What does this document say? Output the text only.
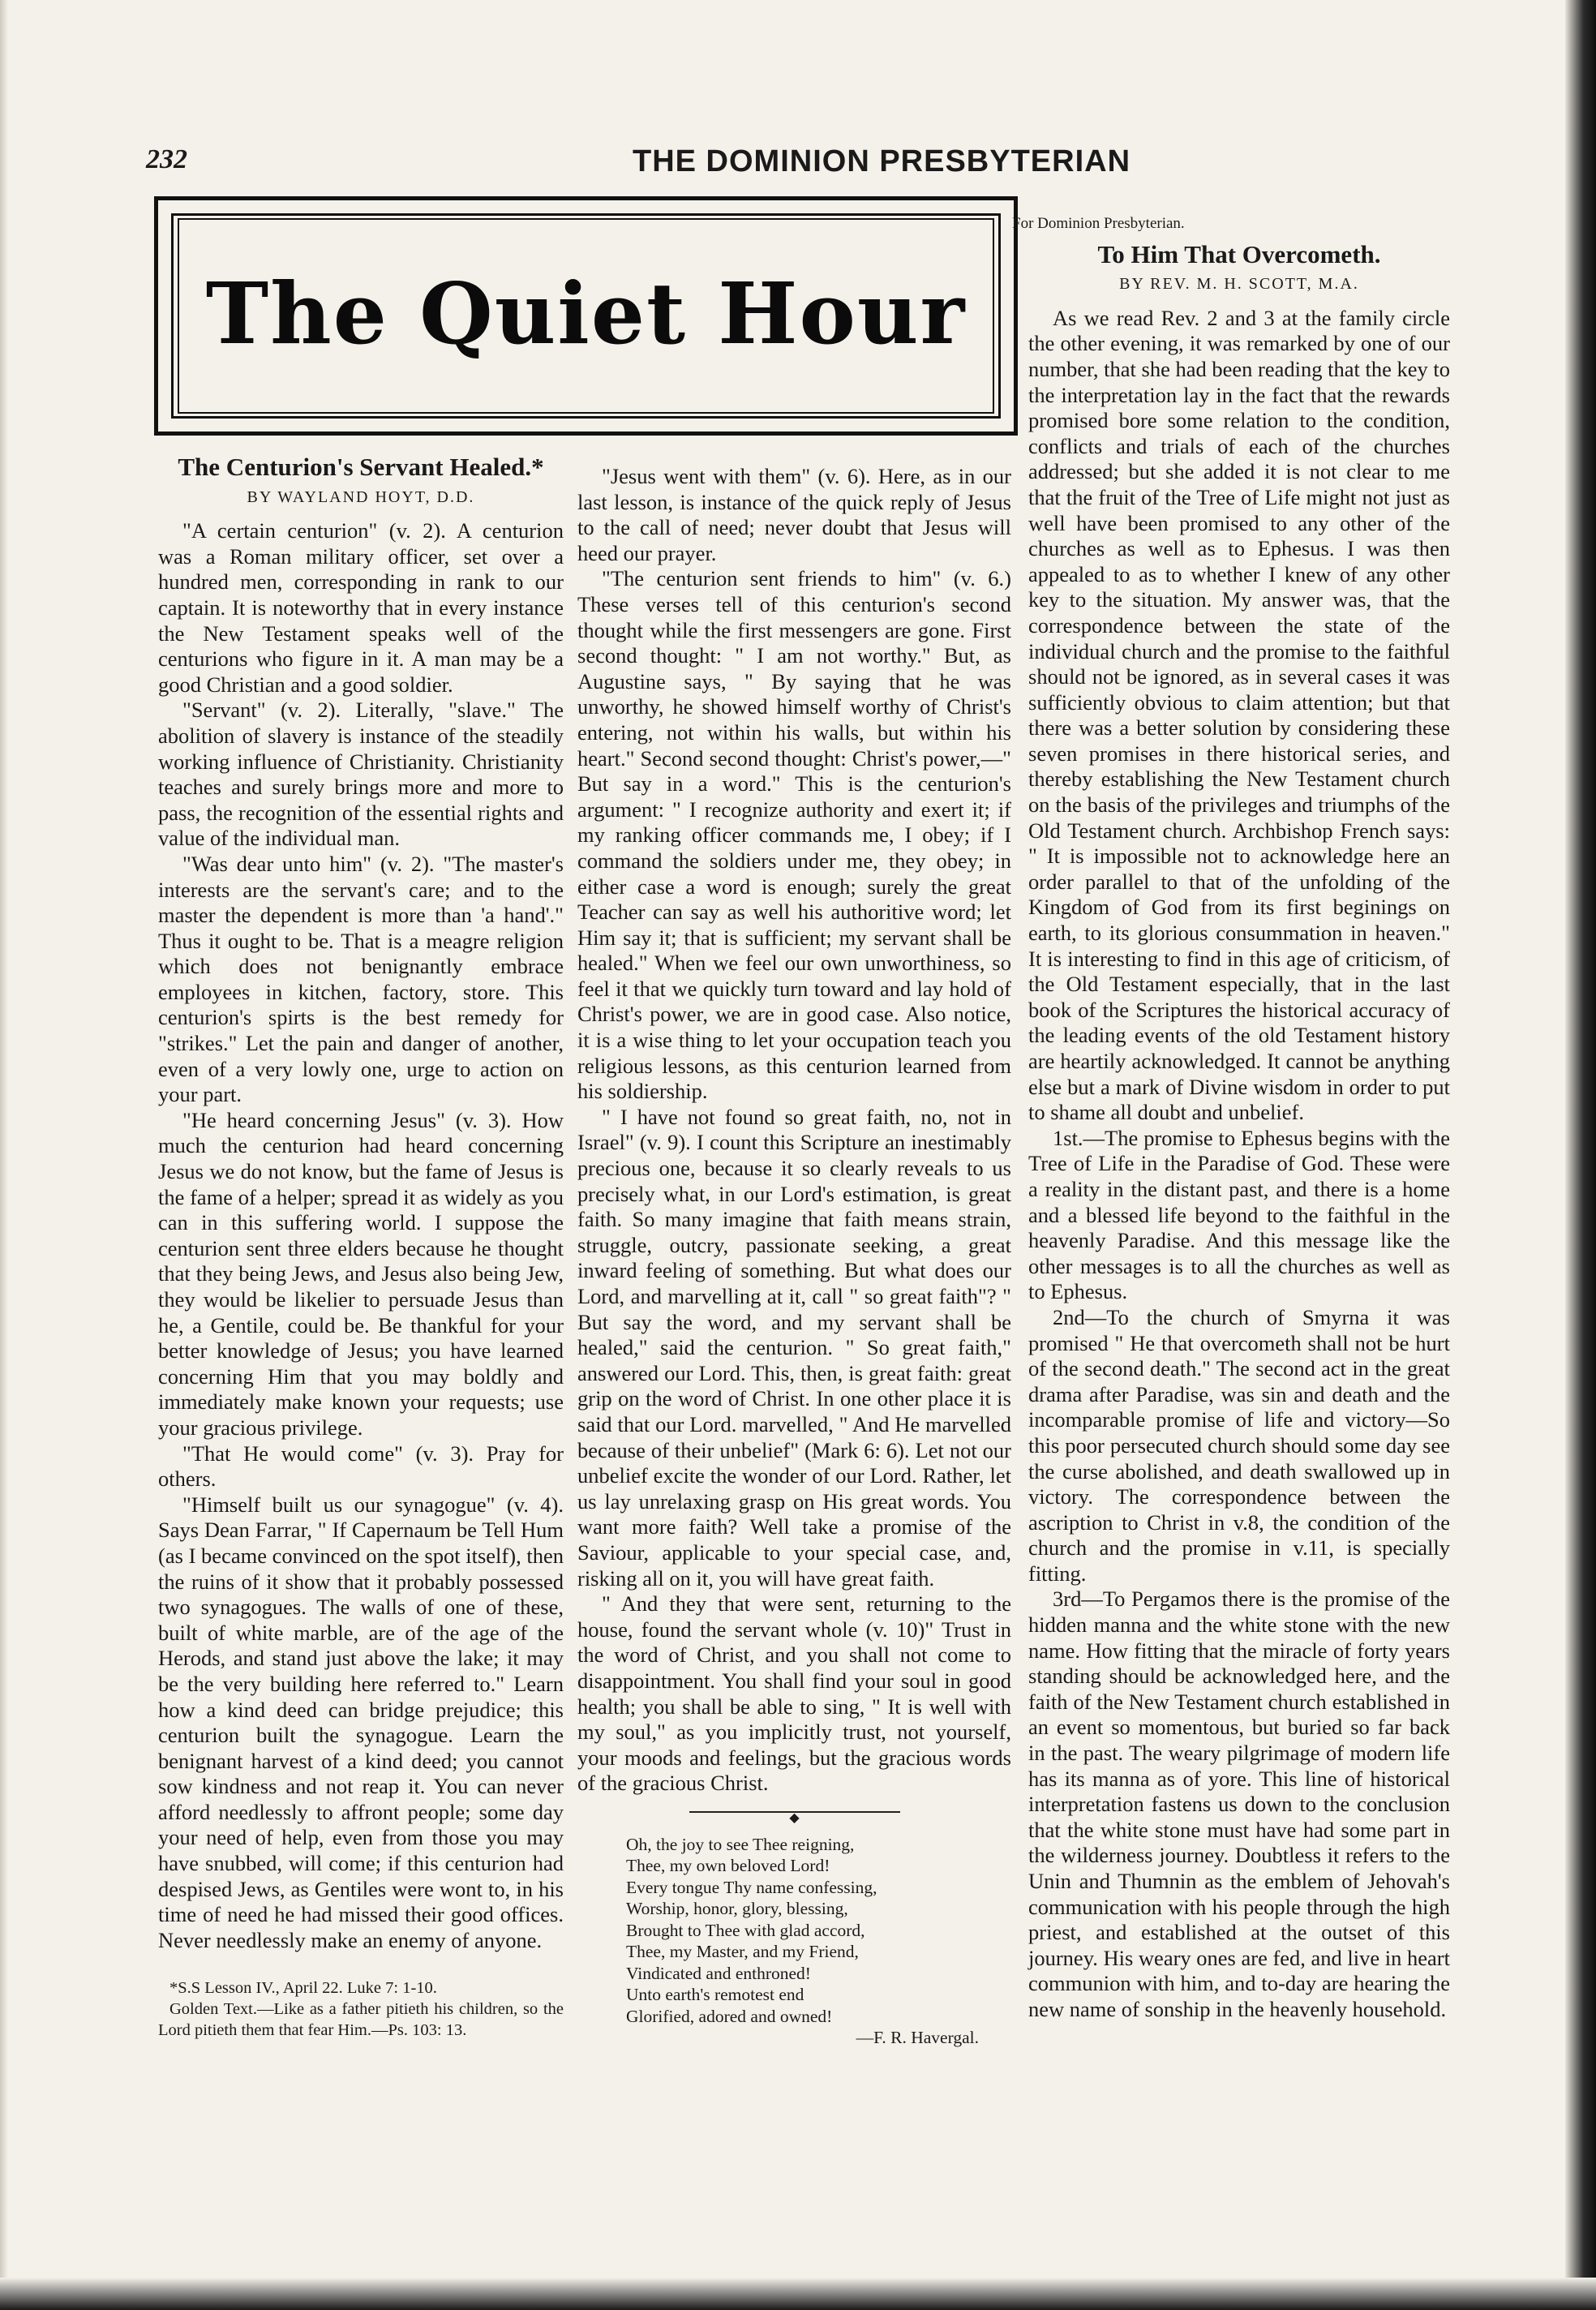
232	THE DOMINION PRESBYTERIAN
The Quiet Hour
The Centurion's Servant Healed.*
BY WAYLAND HOYT, D.D.

"A certain centurion" (v. 2). A centurion was a Roman military officer, set over a hundred men, corresponding in rank to our captain. It is noteworthy that in every instance the New Testament speaks well of the centurions who figure in it. A man may be a good Christian and a good soldier.

"Servant" (v. 2). Literally, "slave." The abolition of slavery is instance of the steadily working influence of Christianity. Christianity teaches and surely brings more and more to pass, the recognition of the essential rights and value of the individual man.

"Was dear unto him" (v. 2). "The master's interests are the servant's care; and to the master the dependent is more than 'a hand'." Thus it ought to be. That is a meagre religion which does not benignantly embrace employees in kitchen, factory, store. This centurion's spirts is the best remedy for "strikes." Let the pain and danger of another, even of a very lowly one, urge to action on your part.

"He heard concerning Jesus" (v. 3). How much the centurion had heard concerning Jesus we do not know, but the fame of Jesus is the fame of a helper; spread it as widely as you can in this suffering world. I suppose the centurion sent three elders because he thought that they being Jews, and Jesus also being Jew, they would be likelier to persuade Jesus than he, a Gentile, could be. Be thankful for your better knowledge of Jesus; you have learned concerning Him that you may boldly and immediately make known your requests; use your gracious privilege.

"That He would come" (v. 3). Pray for others.

"Himself built us our synagogue" (v. 4). Says Dean Farrar, " If Capernaum be Tell Hum (as I became convinced on the spot itself), then the ruins of it show that it probably possessed two synagogues. The walls of one of these, built of white marble, are of the age of the Herods, and stand just above the lake; it may be the very building here referred to." Learn how a kind deed can bridge prejudice; this centurion built the synagogue. Learn the benignant harvest of a kind deed; you cannot sow kindness and not reap it. You can never afford needlessly to affront people; some day your need of help, even from those you may have snubbed, will come; if this centurion had despised Jews, as Gentiles were wont to, in his time of need he had missed their good offices. Never needlessly make an enemy of anyone.

*S.S Lesson IV., April 22. Luke 7: 1-10.

Golden Text.—Like as a father pitieth his children, so the Lord pitieth them that fear Him.—Ps. 103: 13.

"Jesus went with them" (v. 6). Here, as in our last lesson, is instance of the quick reply of Jesus to the call of need; never doubt that Jesus will heed our prayer.

"The centurion sent friends to him" (v. 6.) These verses tell of this centurion's second thought while the first messengers are gone. First second thought: " I am not worthy." But, as Augustine says, " By saying that he was unworthy, he showed himself worthy of Christ's entering, not within his walls, but within his heart." Second second thought: Christ's power,—" But say in a word." This is the centurion's argument: " I recognize authority and exert it; if my ranking officer commands me, I obey; if I command the soldiers under me, they obey; in either case a word is enough; surely the great Teacher can say as well his authoritive word; let Him say it; that is sufficient; my servant shall be healed." When we feel our own unworthiness, so feel it that we quickly turn toward and lay hold of Christ's power, we are in good case. Also notice, it is a wise thing to let your occupation teach you religious lessons, as this centurion learned from his soldiership.

" I have not found so great faith, no, not in Israel" (v. 9). I count this Scripture an inestimably precious one, because it so clearly reveals to us precisely what, in our Lord's estimation, is great faith. So many imagine that faith means strain, struggle, outcry, passionate seeking, a great inward feeling of something. But what does our Lord, and marvelling at it, call " so great faith"? " But say the word, and my servant shall be healed," said the centurion. " So great faith," answered our Lord. This, then, is great faith: great grip on the word of Christ. In one other place it is said that our Lord. marvelled, " And He marvelled because of their unbelief" (Mark 6: 6). Let not our unbelief excite the wonder of our Lord. Rather, let us lay unrelaxing grasp on His great words. You want more faith? Well take a promise of the Saviour, applicable to your special case, and, risking all on it, you will have great faith.

" And they that were sent, returning to the house, found the servant whole (v. 10)" Trust in the word of Christ, and you shall not come to disappointment. You shall find your soul in good health; you shall be able to sing, " It is well with my soul," as you implicitly trust, not yourself, your moods and feelings, but the gracious words of the gracious Christ.

◆
Oh, the joy to see Thee reigning,
Thee, my own beloved Lord!
Every tongue Thy name confessing,
Worship, honor, glory, blessing,
Brought to Thee with glad accord,
Thee, my Master, and my Friend,
Vindicated and enthroned!
Unto earth's remotest end
Glorified, adored and owned!
—F. R. Havergal.
For Dominion Presbyterian.
To Him That Overcometh.
BY REV. M. H. SCOTT, M.A.

As we read Rev. 2 and 3 at the family circle the other evening, it was remarked by one of our number, that she had been reading that the key to the interpretation lay in the fact that the rewards promised bore some relation to the condition, conflicts and trials of each of the churches addressed; but she added it is not clear to me that the fruit of the Tree of Life might not just as well have been promised to any other of the churches as well as to Ephesus. I was then appealed to as to whether I knew of any other key to the situation. My answer was, that the correspondence between the state of the individual church and the promise to the faithful should not be ignored, as in several cases it was sufficiently obvious to claim attention; but that there was a better solution by considering these seven promises in there historical series, and thereby establishing the New Testament church on the basis of the privileges and triumphs of the Old Testament church. Archbishop French says: " It is impossible not to acknowledge here an order parallel to that of the unfolding of the Kingdom of God from its first beginings on earth, to its glorious consummation in heaven." It is interesting to find in this age of criticism, of the Old Testament especially, that in the last book of the Scriptures the historical accuracy of the leading events of the old Testament history are heartily acknowledged. It cannot be anything else but a mark of Divine wisdom in order to put to shame all doubt and unbelief.

1st.—The promise to Ephesus begins with the Tree of Life in the Paradise of God. These were a reality in the distant past, and there is a home and a blessed life beyond to the faithful in the heavenly Paradise. And this message like the other messages is to all the churches as well as to Ephesus.

2nd—To the church of Smyrna it was promised " He that overcometh shall not be hurt of the second death." The second act in the great drama after Paradise, was sin and death and the incomparable promise of life and victory—So this poor persecuted church should some day see the curse abolished, and death swallowed up in victory. The correspondence between the ascription to Christ in v.8, the condition of the church and the promise in v.11, is specially fitting.

3rd—To Pergamos there is the promise of the hidden manna and the white stone with the new name. How fitting that the miracle of forty years standing should be acknowledged here, and the faith of the New Testament church established in an event so momentous, but buried so far back in the past. The weary pilgrimage of modern life has its manna as of yore. This line of historical interpretation fastens us down to the conclusion that the white stone must have had some part in the wilderness journey. Doubtless it refers to the Unin and Thumnin as the emblem of Jehovah's communication with his people through the high priest, and established at the outset of this journey. His weary ones are fed, and live in heart communion with him, and to-day are hearing the new name of sonship in the heavenly household.
